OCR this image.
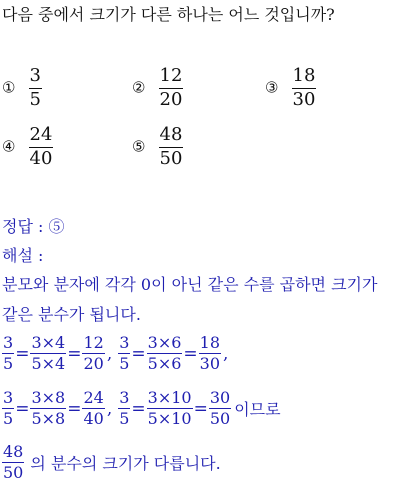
다음 중에서 크기가 다른 하나는 어느 것입니까?
① $\frac{3}{5}$	② $\frac{12}{20}$	③ $\frac{18}{30}$
④ $\frac{24}{40}$	⑤ $\frac{48}{50}$
정답 : ⑤
해설 :
분모와 분자에 각각 0이 아닌 같은 수를 곱하면 크기가
같은 분수가 됩니다.
$\frac{3}{5} = \frac{3\times 4}{5\times 4} = \frac{12}{20}$ , $\frac{3}{5} = \frac{3\times 6}{5\times 6} = \frac{18}{30}$ ,
$\frac{3}{5} = \frac{3\times 8}{5\times 8} = \frac{24}{40}$ , $\frac{3}{5} = \frac{3\times 10}{5\times 10} = \frac{30}{50}$ 이므로
$\frac{48}{50}$ 의 분수의 크기가 다릅니다.
